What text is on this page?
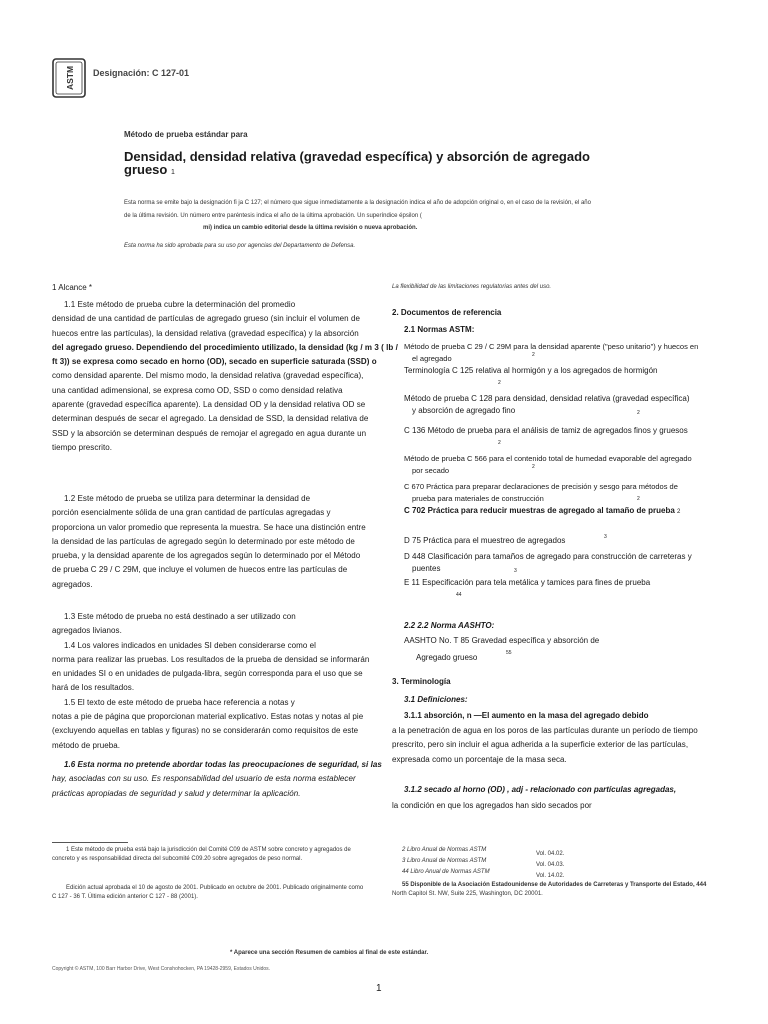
ASTM Designación: C 127-01
Método de prueba estándar para
Densidad, densidad relativa (gravedad específica) y absorción de agregado
grueso 1
Esta norma se emite bajo la designación fi ja C 127; el número que sigue inmediatamente a la designación indica el año de adopción original o, en el caso de la revisión, el año
de la última revisión. Un número entre paréntesis indica el año de la última aprobación. Un superíndice épsilon (
mi) indica un cambio editorial desde la última revisión o nueva aprobación.
Esta norma ha sido aprobada para su uso por agencias del Departamento de Defensa.
1 Alcance *
1.1 Este método de prueba cubre la determinación del promedio
densidad de una cantidad de partículas de agregado grueso (sin incluir el volumen de
huecos entre las partículas), la densidad relativa (gravedad específica) y la absorción
del agregado grueso. Dependiendo del procedimiento utilizado, la densidad (kg / m 3 ( lb /
ft 3)) se expresa como secado en horno (OD), secado en superficie saturada (SSD) o
como densidad aparente. Del mismo modo, la densidad relativa (gravedad específica),
una cantidad adimensional, se expresa como OD, SSD o como densidad relativa
aparente (gravedad específica aparente). La densidad OD y la densidad relativa OD se
determinan después de secar el agregado. La densidad de SSD, la densidad relativa de
SSD y la absorción se determinan después de remojar el agregado en agua durante un
tiempo prescrito.
1.2 Este método de prueba se utiliza para determinar la densidad de
porción esencialmente sólida de una gran cantidad de partículas agregadas y
proporciona un valor promedio que representa la muestra. Se hace una distinción entre
la densidad de las partículas de agregado según lo determinado por este método de
prueba, y la densidad aparente de los agregados según lo determinado por el Método
de prueba C 29 / C 29M, que incluye el volumen de huecos entre las partículas de
agregados.
1.3 Este método de prueba no está destinado a ser utilizado con
agregados livianos.
1.4 Los valores indicados en unidades SI deben considerarse como el
norma para realizar las pruebas. Los resultados de la prueba de densidad se informarán
en unidades SI o en unidades de pulgada-libra, según corresponda para el uso que se
hará de los resultados.
1.5 El texto de este método de prueba hace referencia a notas y
notas a pie de página que proporcionan material explicativo. Estas notas y notas al pie
(excluyendo aquellas en tablas y figuras) no se considerarán como requisitos de este
método de prueba.
1.6 Esta norma no pretende abordar todas las preocupaciones de seguridad, si las
hay, asociadas con su uso. Es responsabilidad del usuario de esta norma establecer
prácticas apropiadas de seguridad y salud y determinar la aplicación.
La flexibilidad de las limitaciones regulatorias antes del uso.
2. Documentos de referencia
2.1 Normas ASTM:
Método de prueba C 29 / C 29M para la densidad aparente ("peso unitario") y huecos en
el agregado	2
Terminología C 125 relativa al hormigón y a los agregados de hormigón
2
Método de prueba C 128 para densidad, densidad relativa (gravedad específica)
y absorción de agregado fino	2
C 136 Método de prueba para el análisis de tamiz de agregados finos y gruesos
2
Método de prueba C 566 para el contenido total de humedad evaporable del agregado
por secado	2
C 670 Práctica para preparar declaraciones de precisión y sesgo para métodos de
prueba para materiales de construcción	2
C 702 Práctica para reducir muestras de agregado al tamaño de prueba 2
D 75 Práctica para el muestreo de agregados	3
D 448 Clasificación para tamaños de agregado para construcción de carreteras y
puentes	3
E 11 Especificación para tela metálica y tamices para fines de prueba
44
2.2 2.2 Norma AASHTO:
AASHTO No. T 85 Gravedad específica y absorción de
Agregado grueso	55
3. Terminología
3.1 Definiciones:
3.1.1 absorción, n —El aumento en la masa del agregado debido
a la penetración de agua en los poros de las partículas durante un período de tiempo
prescrito, pero sin incluir el agua adherida a la superficie exterior de las partículas,
expresada como un porcentaje de la masa seca.
3.1.2 secado al horno (OD) , adj - relacionado con partículas agregadas,
la condición en que los agregados han sido secados por
1 Este método de prueba está bajo la jurisdicción del Comité C09 de ASTM sobre concreto y agregados de
concreto y es responsabilidad directa del subcomité C09.20 sobre agregados de peso normal.
Edición actual aprobada el 10 de agosto de 2001. Publicado en octubre de 2001. Publicado originalmente como
C 127 - 36 T. Última edición anterior C 127 - 88 (2001).
2 Libro Anual de Normas ASTM
Vol. 04.02.
3 Libro Anual de Normas ASTM
Vol. 04.03.
44 Libro Anual de Normas ASTM
Vol. 14.02.
55 Disponible de la Asociación Estadounidense de Autoridades de Carreteras y Transporte del Estado, 444
North Capitol St. NW, Suite 225, Washington, DC 20001.
* Aparece una sección Resumen de cambios al final de este estándar.
Copyright © ASTM, 100 Barr Harbor Drive, West Conshohocken, PA 19428-2959, Estados Unidos.
1
